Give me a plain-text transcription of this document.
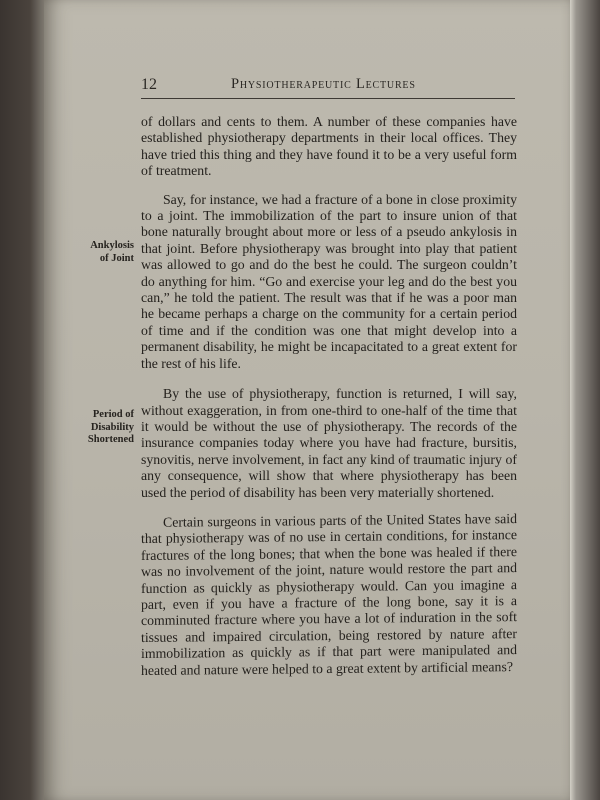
12	Physiotherapeutic Lectures
Ankylosis of Joint
Period of Disability Shortened

of dollars and cents to them. A number of these companies have established physiotherapy departments in their local offices. They have tried this thing and they have found it to be a very useful form of treatment.

Say, for instance, we had a fracture of a bone in close proximity to a joint. The immobilization of the part to insure union of that bone naturally brought about more or less of a pseudo ankylosis in that joint. Before physiotherapy was brought into play that patient was allowed to go and do the best he could. The surgeon couldn’t do anything for him. “Go and exercise your leg and do the best you can,” he told the patient. The result was that if he was a poor man he became perhaps a charge on the community for a certain period of time and if the condition was one that might develop into a permanent disability, he might be incapacitated to a great extent for the rest of his life.

By the use of physiotherapy, function is returned, I will say, without exaggeration, in from one-third to one-half of the time that it would be without the use of physiotherapy. The records of the insurance companies today where you have had fracture, bursitis, synovitis, nerve involvement, in fact any kind of traumatic injury of any consequence, will show that where physiotherapy has been used the period of disability has been very materially shortened.

Certain surgeons in various parts of the United States have said that physiotherapy was of no use in certain conditions, for instance fractures of the long bones; that when the bone was healed if there was no involvement of the joint, nature would restore the part and function as quickly as physiotherapy would. Can you imagine a part, even if you have a fracture of the long bone, say it is a comminuted fracture where you have a lot of induration in the soft tissues and impaired circulation, being restored by nature after immobilization as quickly as if that part were manipulated and heated and nature were helped to a great extent by artificial means?
